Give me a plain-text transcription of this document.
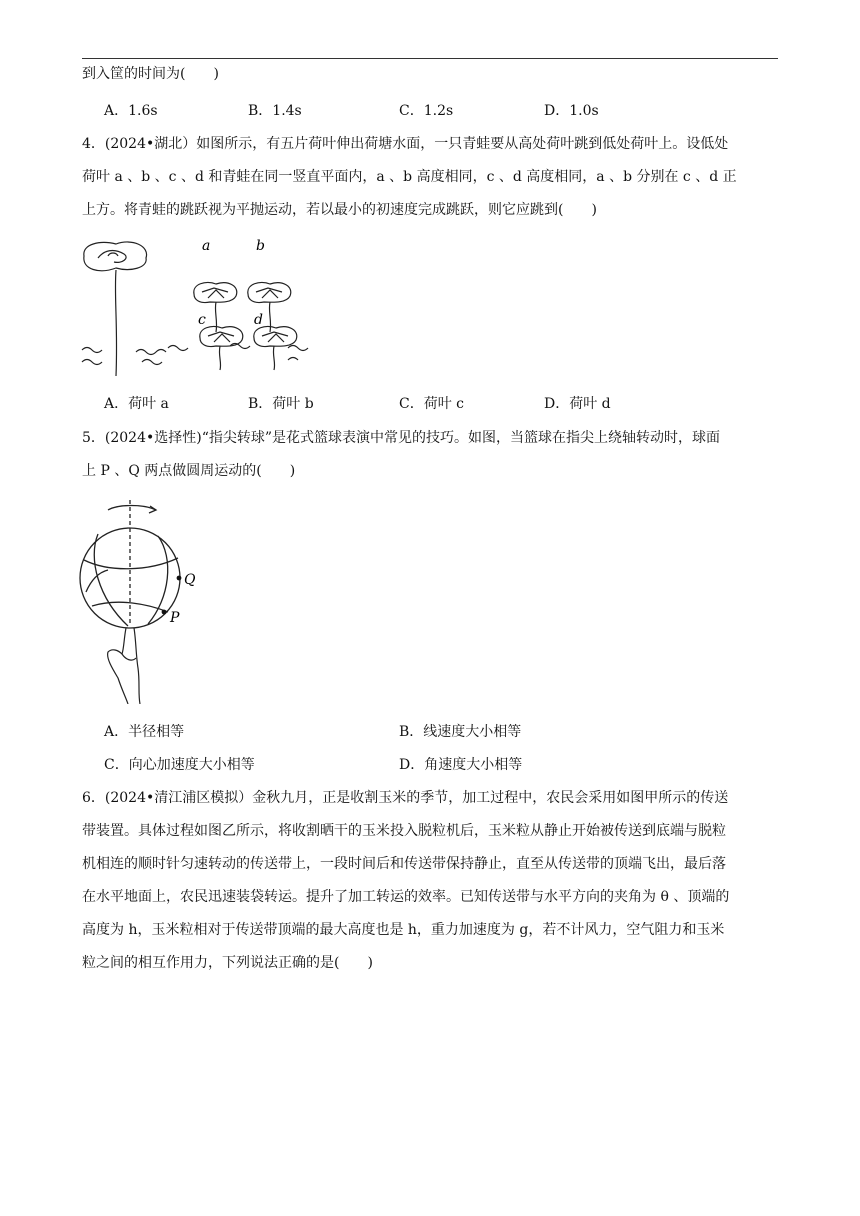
到入筐的时间为(　　)
A．1.6s	B．1.4s	C．1.2s	D．1.0s
4．(2024•湖北）如图所示，有五片荷叶伸出荷塘水面，一只青蛙要从高处荷叶跳到低处荷叶上。设低处
荷叶 a 、b 、c 、d 和青蛙在同一竖直平面内，a 、b 高度相同，c 、d 高度相同，a 、b 分别在 c 、d 正
上方。将青蛙的跳跃视为平抛运动，若以最小的初速度完成跳跃，则它应跳到(　　)
a	b
c	d
A．荷叶 a	B．荷叶 b	C．荷叶 c	D．荷叶 d
5．(2024•选择性)“指尖转球”是花式篮球表演中常见的技巧。如图，当篮球在指尖上绕轴转动时，球面
上 P 、Q 两点做圆周运动的(　　)
Q
P
A．半径相等	B．线速度大小相等
C．向心加速度大小相等	D．角速度大小相等
6．(2024•清江浦区模拟）金秋九月，正是收割玉米的季节，加工过程中，农民会采用如图甲所示的传送
带装置。具体过程如图乙所示，将收割晒干的玉米投入脱粒机后，玉米粒从静止开始被传送到底端与脱粒
机相连的顺时针匀速转动的传送带上，一段时间后和传送带保持静止，直至从传送带的顶端飞出，最后落
在水平地面上，农民迅速装袋转运。提升了加工转运的效率。已知传送带与水平方向的夹角为 θ 、顶端的
高度为 h，玉米粒相对于传送带顶端的最大高度也是 h，重力加速度为 g，若不计风力，空气阻力和玉米
粒之间的相互作用力，下列说法正确的是(　　)
